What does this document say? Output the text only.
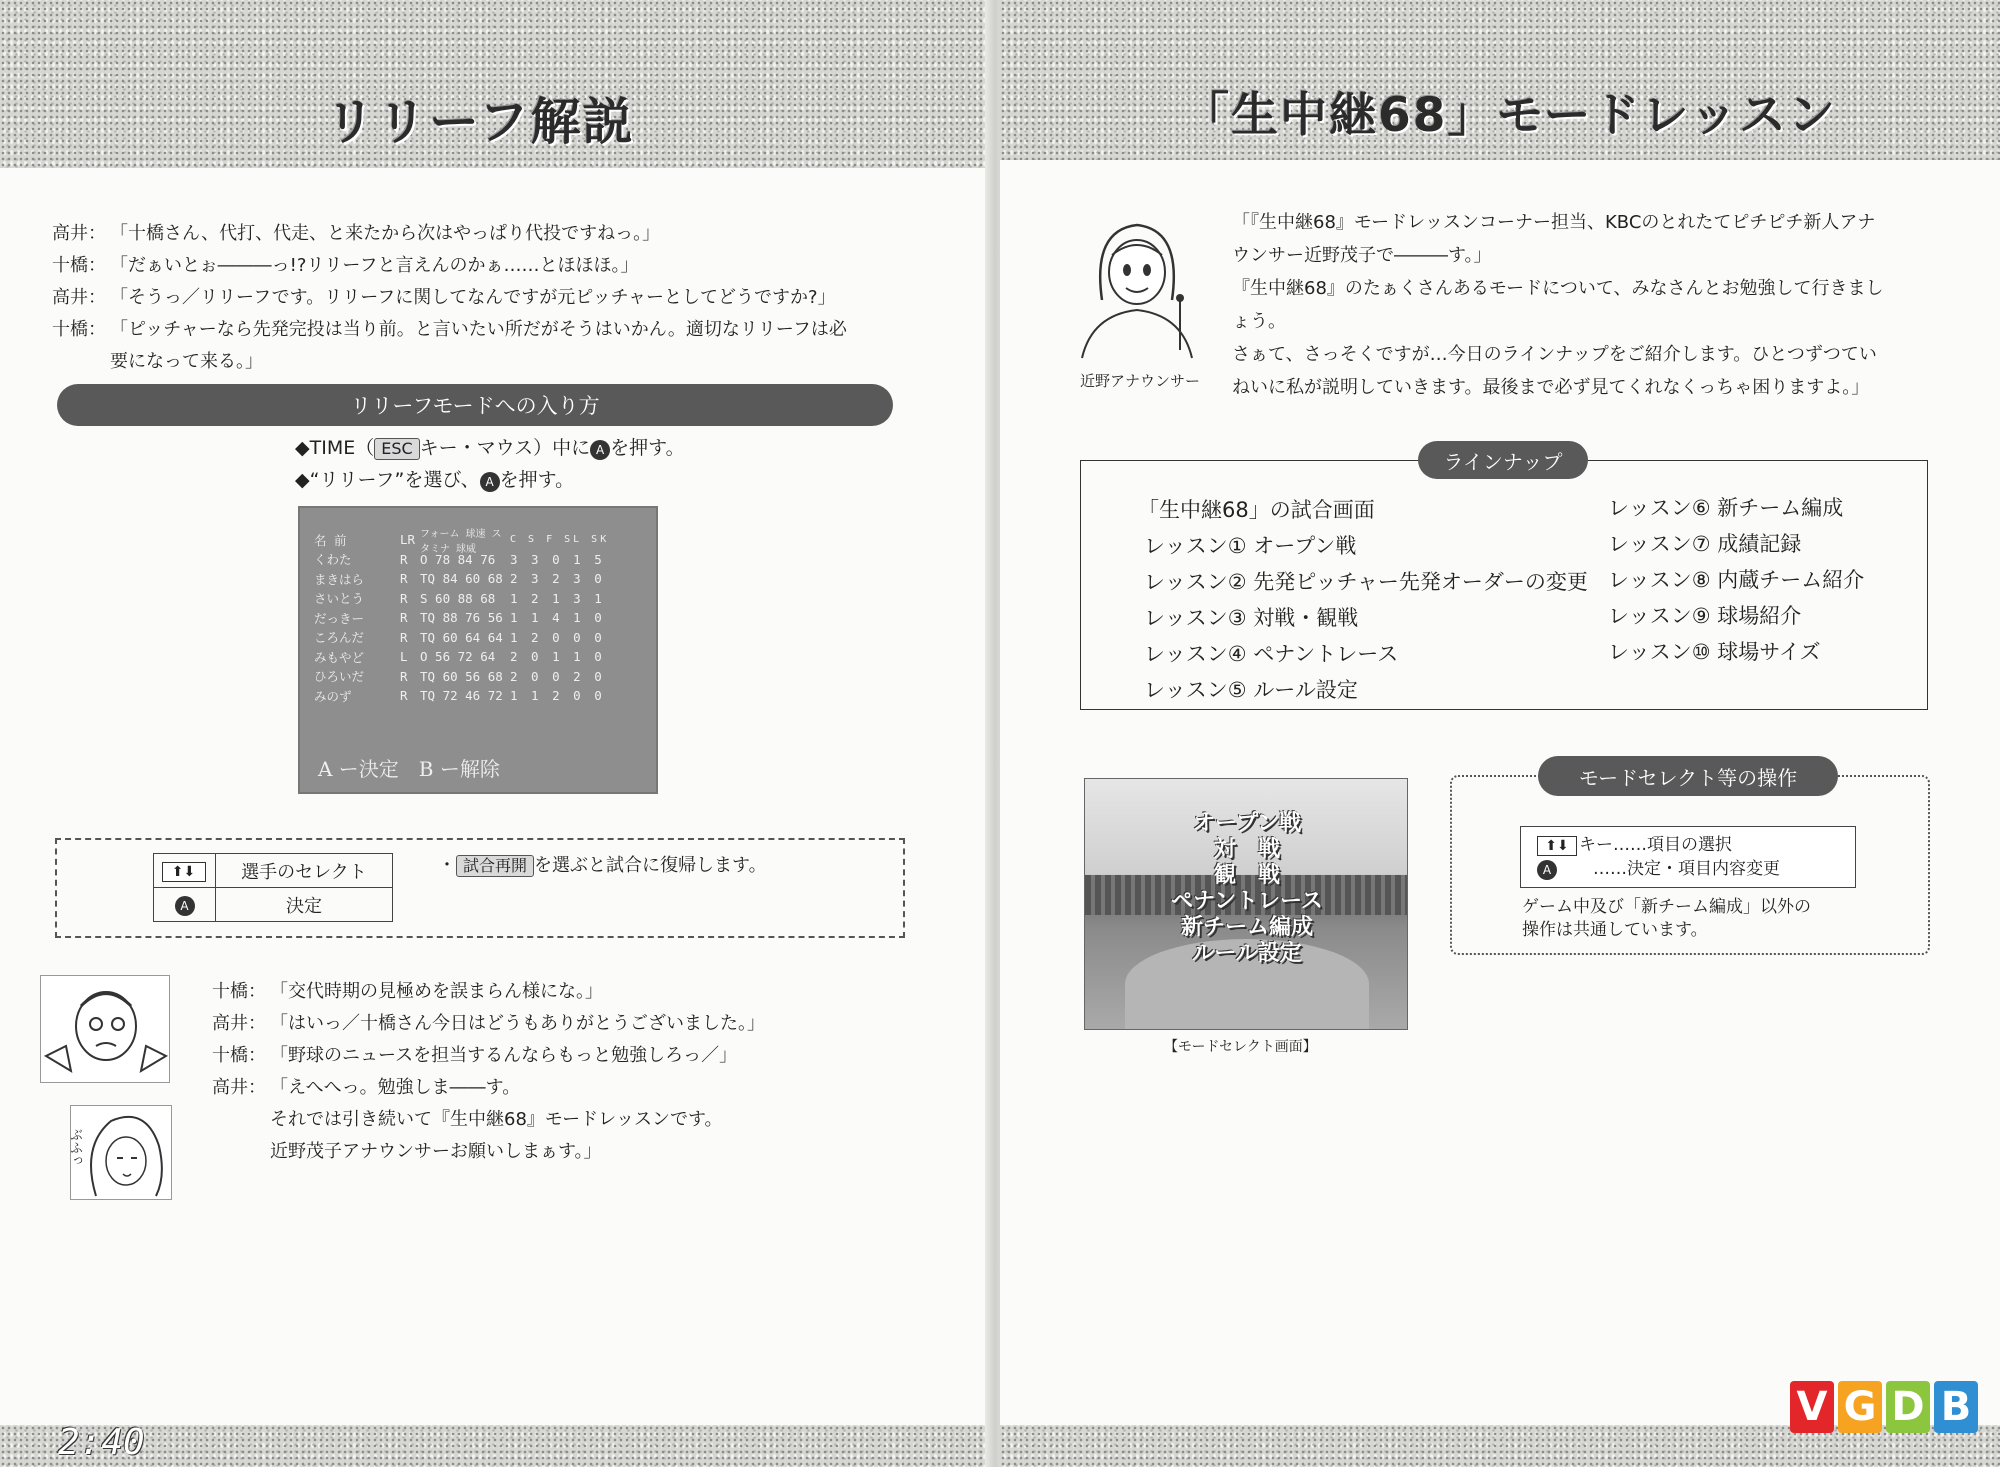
リリーフ解説
高井： 「十橋さん、代打、代走、と来たから次はやっぱり代投ですねっ。」
十橋： 「だぁいとぉ―――っ!?リリーフと言えんのかぁ……とほほほ。」
高井： 「そうっ／リリーフです。リリーフに関してなんですが元ピッチャーとしてどうですか?」
十橋： 「ピッチャーなら先発完投は当り前。と言いたい所だがそうはいかん。適切なリリーフは必
要になって来る。」
リリーフモードへの入り方
◆TIME（ ESC キー・マウス）中に A を押す。
◆“リリーフ”を選び、 A を押す。
名 前	LR フォーム 球速 スタミナ 球威
C S F SL SK
くわた	R O 78 84 76	3 3 0 1 5
まきはら	R TQ 84 60 68 2 3 2 3 0
さいとう	R S 60 88 68	1 2 1 3 1
だっきー	R TQ 88 76 56 1 1 4 1 0
ころんだ	R TQ 60 64 64 1 2 0 0 0
みもやど	L O 56 72 64	2 0 1 1 0
ひろいだ	R TQ 60 56 68 2 0 0 2 0
みのず	R TQ 72 46 72 1 1 2 0 0
A ー決定　B ー解除
⬆⬇	選手のセレクト
A	決定
・ 試合再開 を選ぶと試合に復帰します。
ぶふっ
十橋： 「交代時期の見極めを誤まらん様にな。」
高井： 「はいっ／十橋さん今日はどうもありがとうございました。」
十橋： 「野球のニュースを担当するんならもっと勉強しろっ／」
高井： 「えへへっ。勉強しま――す。
それでは引き続いて『生中継68』モードレッスンです。
近野茂子アナウンサーお願いしまぁす。」
2:40
「生中継68」モードレッスン
近野アナウンサー
「『生中継68』モードレッスンコーナー担当、KBCのとれたてピチピチ新人アナ
ウンサー近野茂子で―――す。」
『生中継68』のたぁくさんあるモードについて、みなさんとお勉強して行きまし
ょう。
さぁて、さっそくですが…今日のラインナップをご紹介します。ひとつずつてい
ねいに私が説明していきます。最後まで必ず見てくれなくっちゃ困りますよ。」
ラインナップ
「生中継68」の試合画面
レッスン① オープン戦
レッスン② 先発ピッチャー先発オーダーの変更
レッスン③ 対戦・観戦
レッスン④ ペナントレース
レッスン⑤ ルール設定
レッスン⑥ 新チーム編成
レッスン⑦ 成績記録
レッスン⑧ 内蔵チーム紹介
レッスン⑨ 球場紹介
レッスン⑩ 球場サイズ
オープン戦
対　戦
観　戦
ペナントレース
新チーム編成
ルール設定
【モードセレクト画面】
モードセレクト等の操作
⬆⬇ キー……項目の選択
A ……決定・項目内容変更
ゲーム中及び「新チーム編成」以外の
操作は共通しています。
V G D B
